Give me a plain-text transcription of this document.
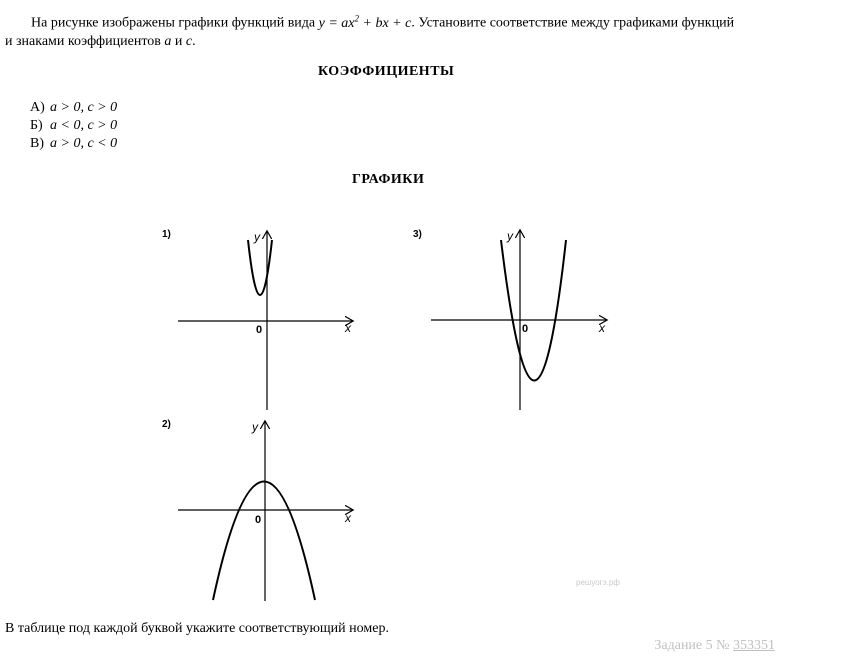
На рисунке изображены графики функций вида $y = ax^2$ + bx + c. Установите соответствие между графиками функций
и знаками коэффициентов a и c.
КОЭФФИЦИЕНТЫ
А) a > 0, c > 0
Б) a < 0, c > 0
В) a > 0, c < 0
ГРАФИКИ
1)	y
x
0
3)	y
x
0
2)	y
x
0
решуогэ.рф
В таблице под каждой буквой укажите соответствующий номер.
Задание 5 № 353351
